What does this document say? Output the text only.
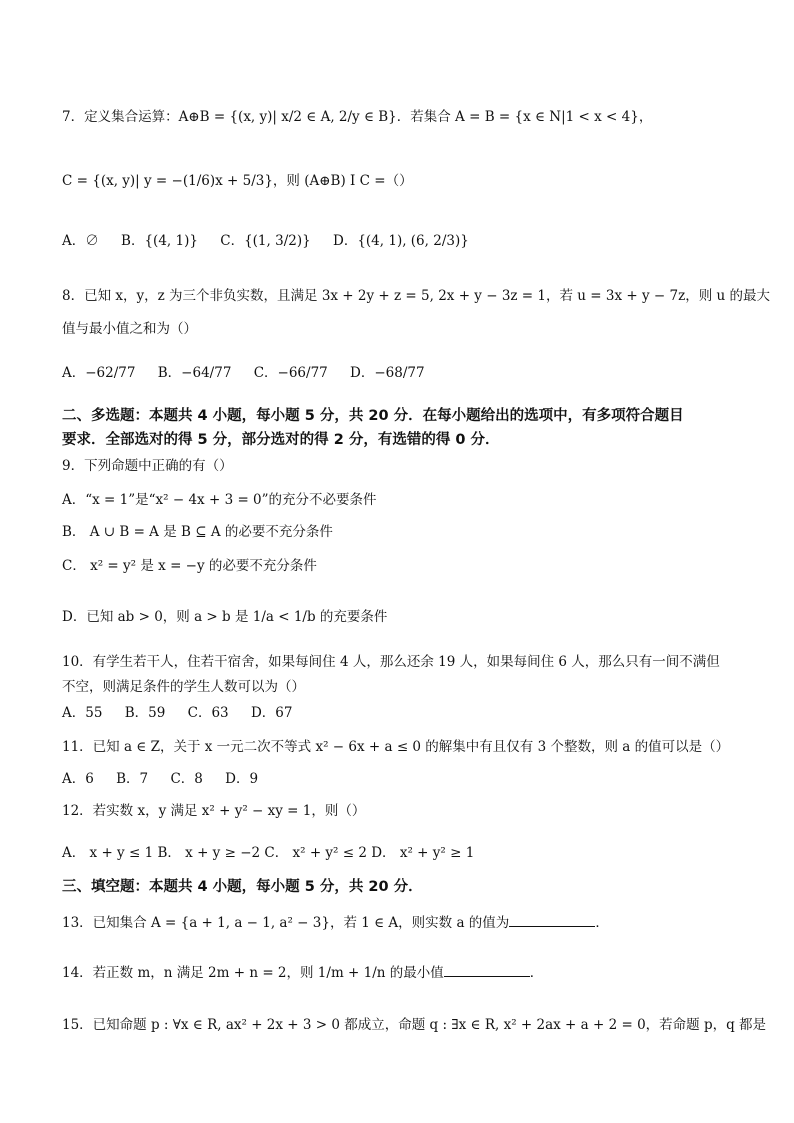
7．定义集合运算：A⊕B = {(x, y)| x/2 ∈ A, 2/y ∈ B}．若集合 A = B = {x ∈ N|1 < x < 4}，
C = {(x, y)| y = −(1/6)x + 5/3}，则 (A⊕B) I C =（）
A．∅ B．{(4, 1)} C．{(1, 3/2)} D．{(4, 1), (6, 2/3)}
8．已知 x，y，z 为三个非负实数，且满足 3x + 2y + z = 5, 2x + y − 3z = 1，若 u = 3x + y − 7z，则 u 的最大
值与最小值之和为（）
A．−62/77 B．−64/77 C．−66/77 D．−68/77
二、多选题：本题共 4 小题，每小题 5 分，共 20 分．在每小题给出的选项中，有多项符合题目
要求．全部选对的得 5 分，部分选对的得 2 分，有选错的得 0 分．
9．下列命题中正确的有（）
A．“x = 1”是“x² − 4x + 3 = 0”的充分不必要条件
B． A ∪ B = A 是 B ⊆ A 的必要不充分条件
C． x² = y² 是 x = −y 的必要不充分条件
D．已知 ab > 0，则 a > b 是 1/a < 1/b 的充要条件
10．有学生若干人，住若干宿舍，如果每间住 4 人，那么还余 19 人，如果每间住 6 人，那么只有一间不满但
不空，则满足条件的学生人数可以为（）
A．55 B．59 C．63 D．67
11．已知 a ∈ Z，关于 x 一元二次不等式 x² − 6x + a ≤ 0 的解集中有且仅有 3 个整数，则 a 的值可以是（）
A．6 B．7 C．8 D．9
12．若实数 x，y 满足 x² + y² − xy = 1，则（）
A． x + y ≤ 1 B． x + y ≥ −2 C． x² + y² ≤ 2 D． x² + y² ≥ 1
三、填空题：本题共 4 小题，每小题 5 分，共 20 分．
13．已知集合 A = {a + 1, a − 1, a² − 3}，若 1 ∈ A，则实数 a 的值为	．
14．若正数 m，n 满足 2m + n = 2，则 1/m + 1/n 的最小值	．
15．已知命题 p : ∀x ∈ R, ax² + 2x + 3 > 0 都成立，命题 q : ∃x ∈ R, x² + 2ax + a + 2 = 0，若命题 p，q 都是
